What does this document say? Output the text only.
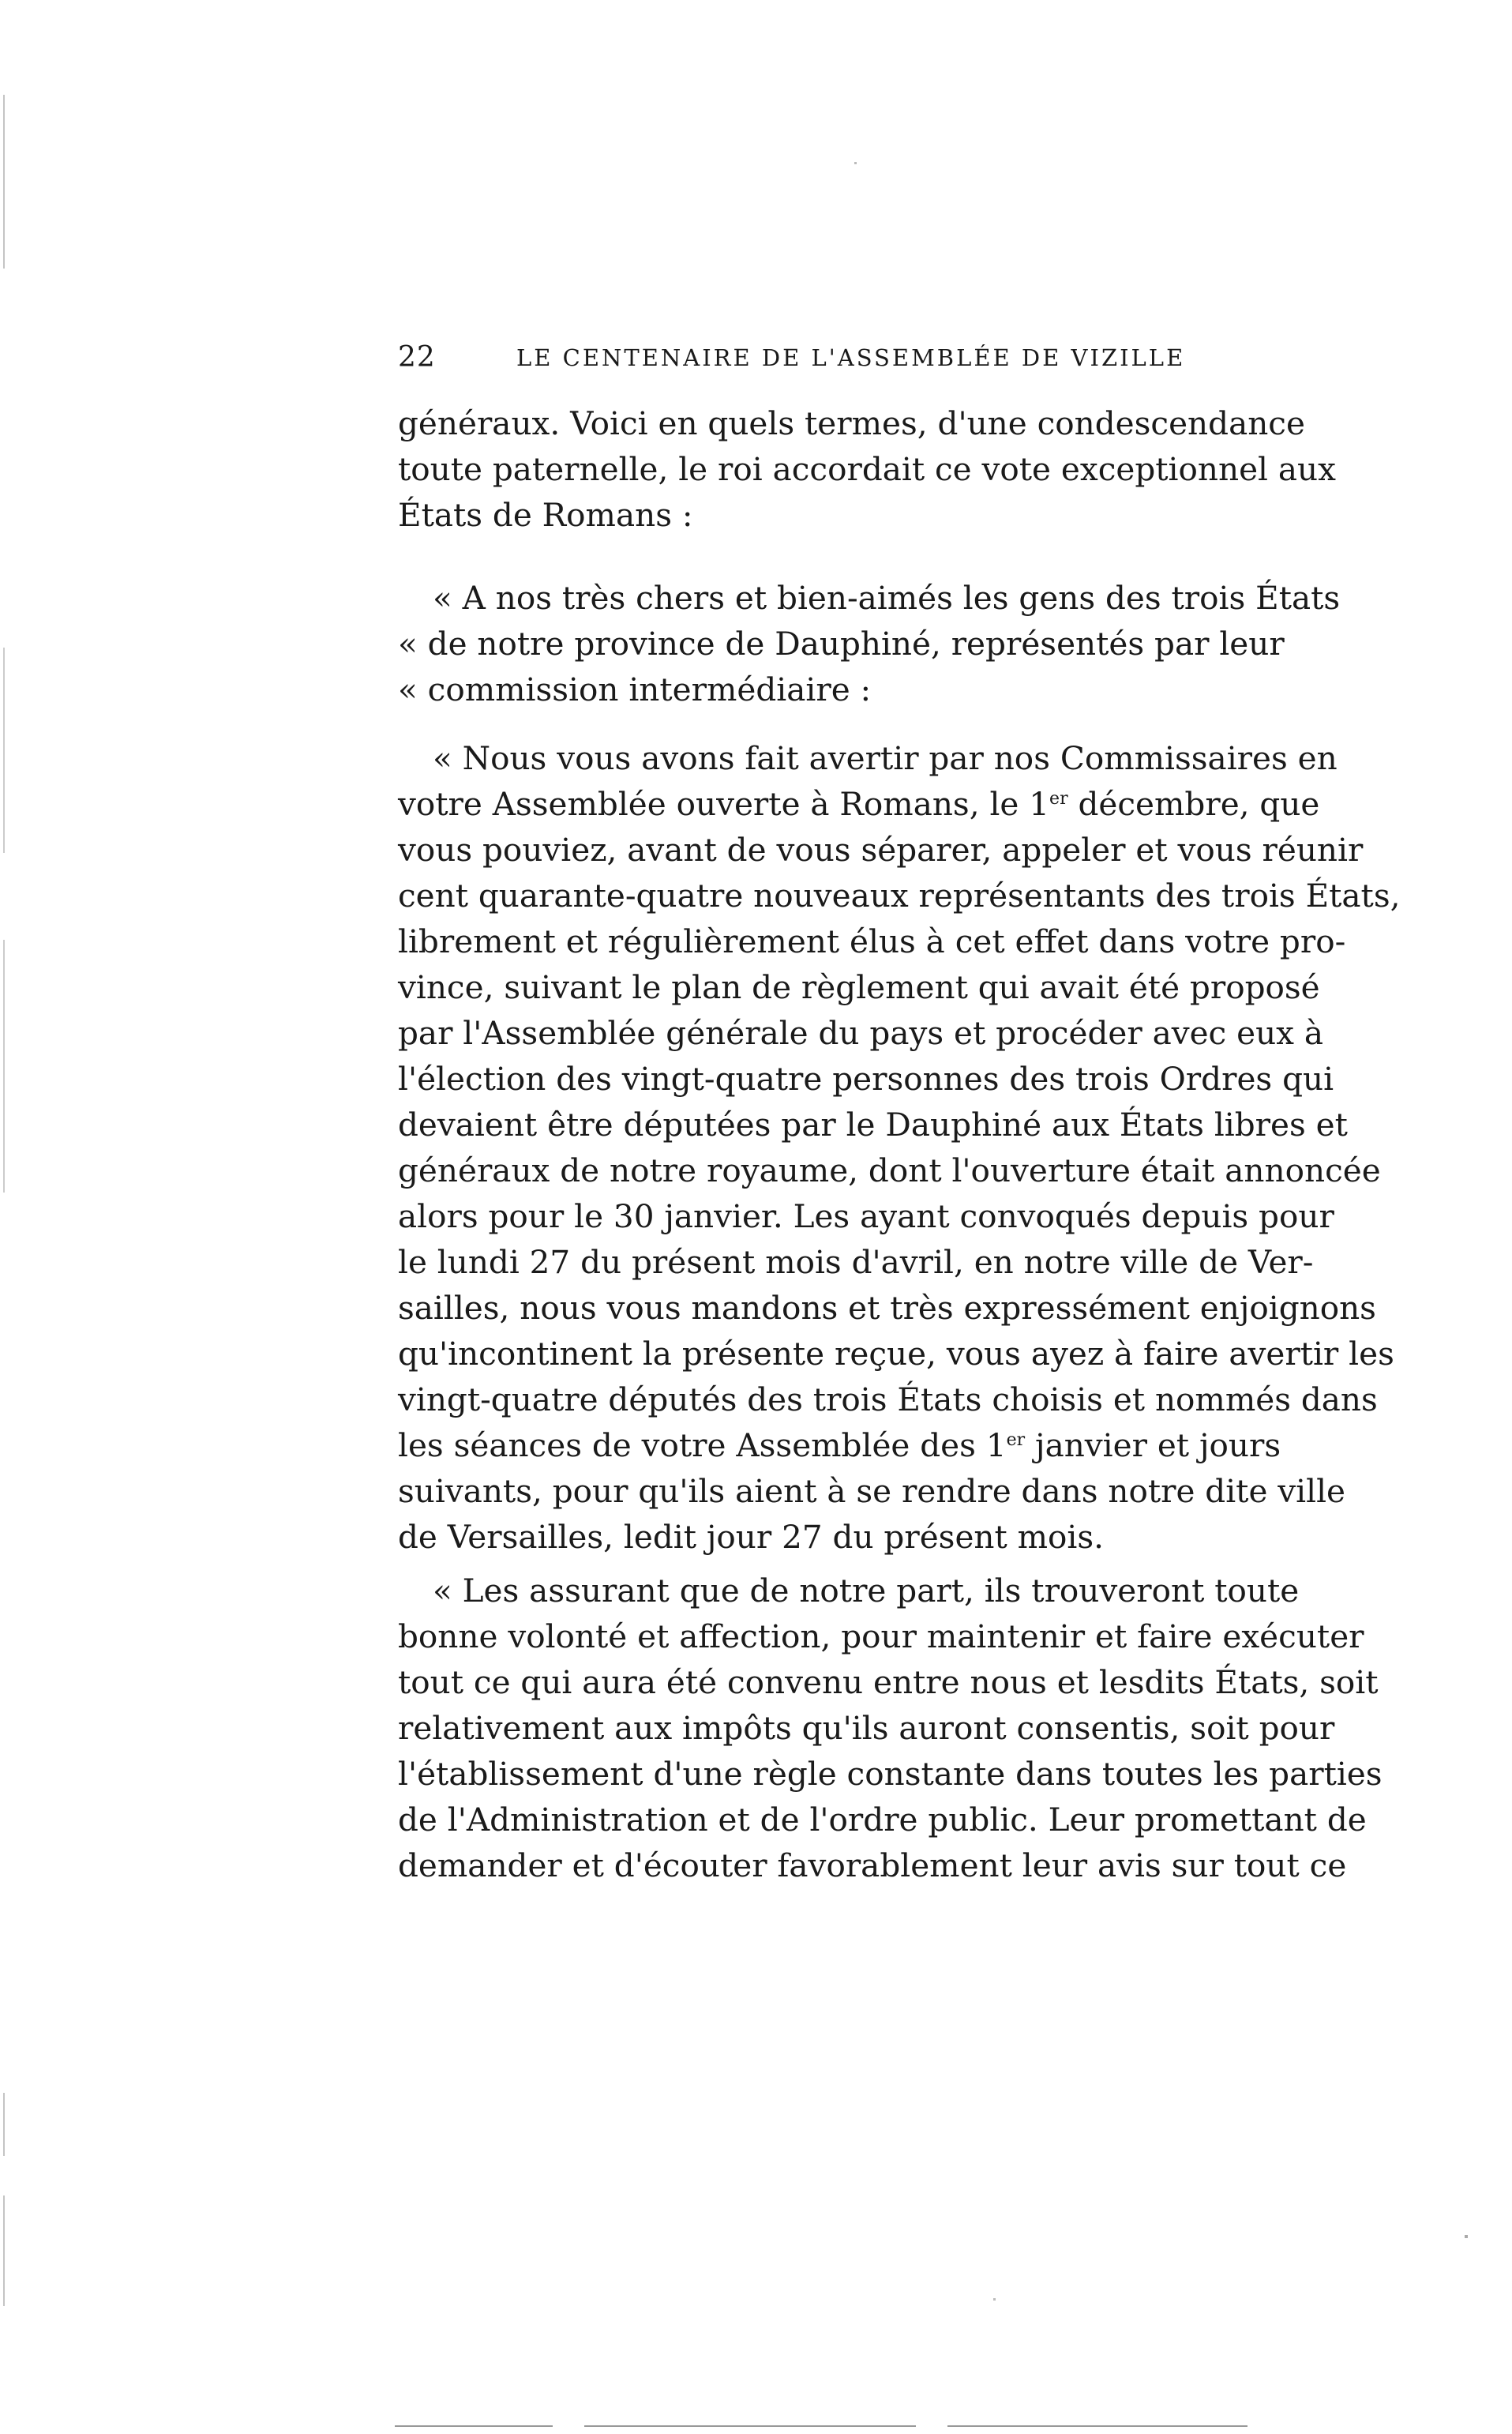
22	LE CENTENAIRE DE L'ASSEMBLÉE DE VIZILLE
généraux. Voici en quels termes, d'une condescendance
toute paternelle, le roi accordait ce vote exceptionnel aux
États de Romans :
« A nos très chers et bien-aimés les gens des trois États
« de notre province de Dauphiné, représentés par leur
« commission intermédiaire :
« Nous vous avons fait avertir par nos Commissaires en
votre Assemblée ouverte à Romans, le 1er décembre, que
vous pouviez, avant de vous séparer, appeler et vous réunir
cent quarante-quatre nouveaux représentants des trois États,
librement et régulièrement élus à cet effet dans votre pro-
vince, suivant le plan de règlement qui avait été proposé
par l'Assemblée générale du pays et procéder avec eux à
l'élection des vingt-quatre personnes des trois Ordres qui
devaient être députées par le Dauphiné aux États libres et
généraux de notre royaume, dont l'ouverture était annoncée
alors pour le 30 janvier. Les ayant convoqués depuis pour
le lundi 27 du présent mois d'avril, en notre ville de Ver-
sailles, nous vous mandons et très expressément enjoignons
qu'incontinent la présente reçue, vous ayez à faire avertir les
vingt-quatre députés des trois États choisis et nommés dans
les séances de votre Assemblée des 1er janvier et jours
suivants, pour qu'ils aient à se rendre dans notre dite ville
de Versailles, ledit jour 27 du présent mois.
« Les assurant que de notre part, ils trouveront toute
bonne volonté et affection, pour maintenir et faire exécuter
tout ce qui aura été convenu entre nous et lesdits États, soit
relativement aux impôts qu'ils auront consentis, soit pour
l'établissement d'une règle constante dans toutes les parties
de l'Administration et de l'ordre public. Leur promettant de
demander et d'écouter favorablement leur avis sur tout ce
